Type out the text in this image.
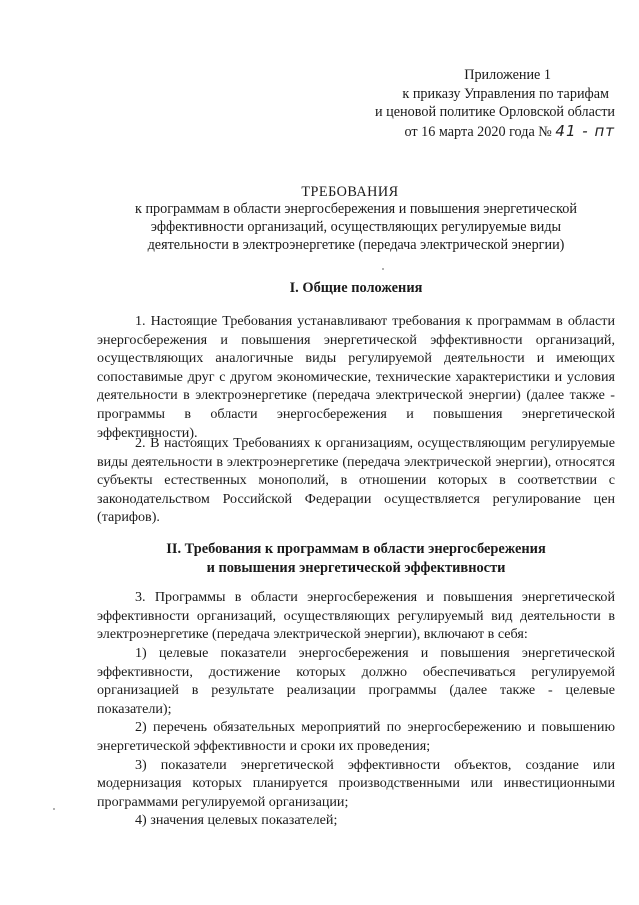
Приложение 1
к приказу Управления по тарифам
и ценовой политике Орловской области
от 16 марта 2020 года № 41 - пт
ТРЕБОВАНИЯ
к программам в области энергосбережения и повышения энергетической
эффективности организаций, осуществляющих регулируемые виды
деятельности в электроэнергетике (передача электрической энергии)
I. Общие положения

1. Настоящие Требования устанавливают требования к программам в области энергосбережения и повышения энергетической эффективности организаций, осуществляющих аналогичные виды регулируемой деятельности и имеющих сопоставимые друг с другом экономические, технические характеристики и условия деятельности в электроэнергетике (передача электрической энергии) (далее также - программы в области энергосбережения и повышения энергетической эффективности).

2. В настоящих Требованиях к организациям, осуществляющим регулируемые виды деятельности в электроэнергетике (передача электрической энергии), относятся субъекты естественных монополий, в отношении которых в соответствии с законодательством Российской Федерации осуществляется регулирование цен (тарифов).

II. Требования к программам в области энергосбережения
и повышения энергетической эффективности

3. Программы в области энергосбережения и повышения энергетической эффективности организаций, осуществляющих регулируемый вид деятельности в электроэнергетике (передача электрической энергии), включают в себя:

1) целевые показатели энергосбережения и повышения энергетической эффективности, достижение которых должно обеспечиваться регулируемой организацией в результате реализации программы (далее также - целевые показатели);

2) перечень обязательных мероприятий по энергосбережению и повышению энергетической эффективности и сроки их проведения;

3) показатели энергетической эффективности объектов, создание или модернизация которых планируется производственными или инвестиционными программами регулируемой организации;

4) значения целевых показателей;
